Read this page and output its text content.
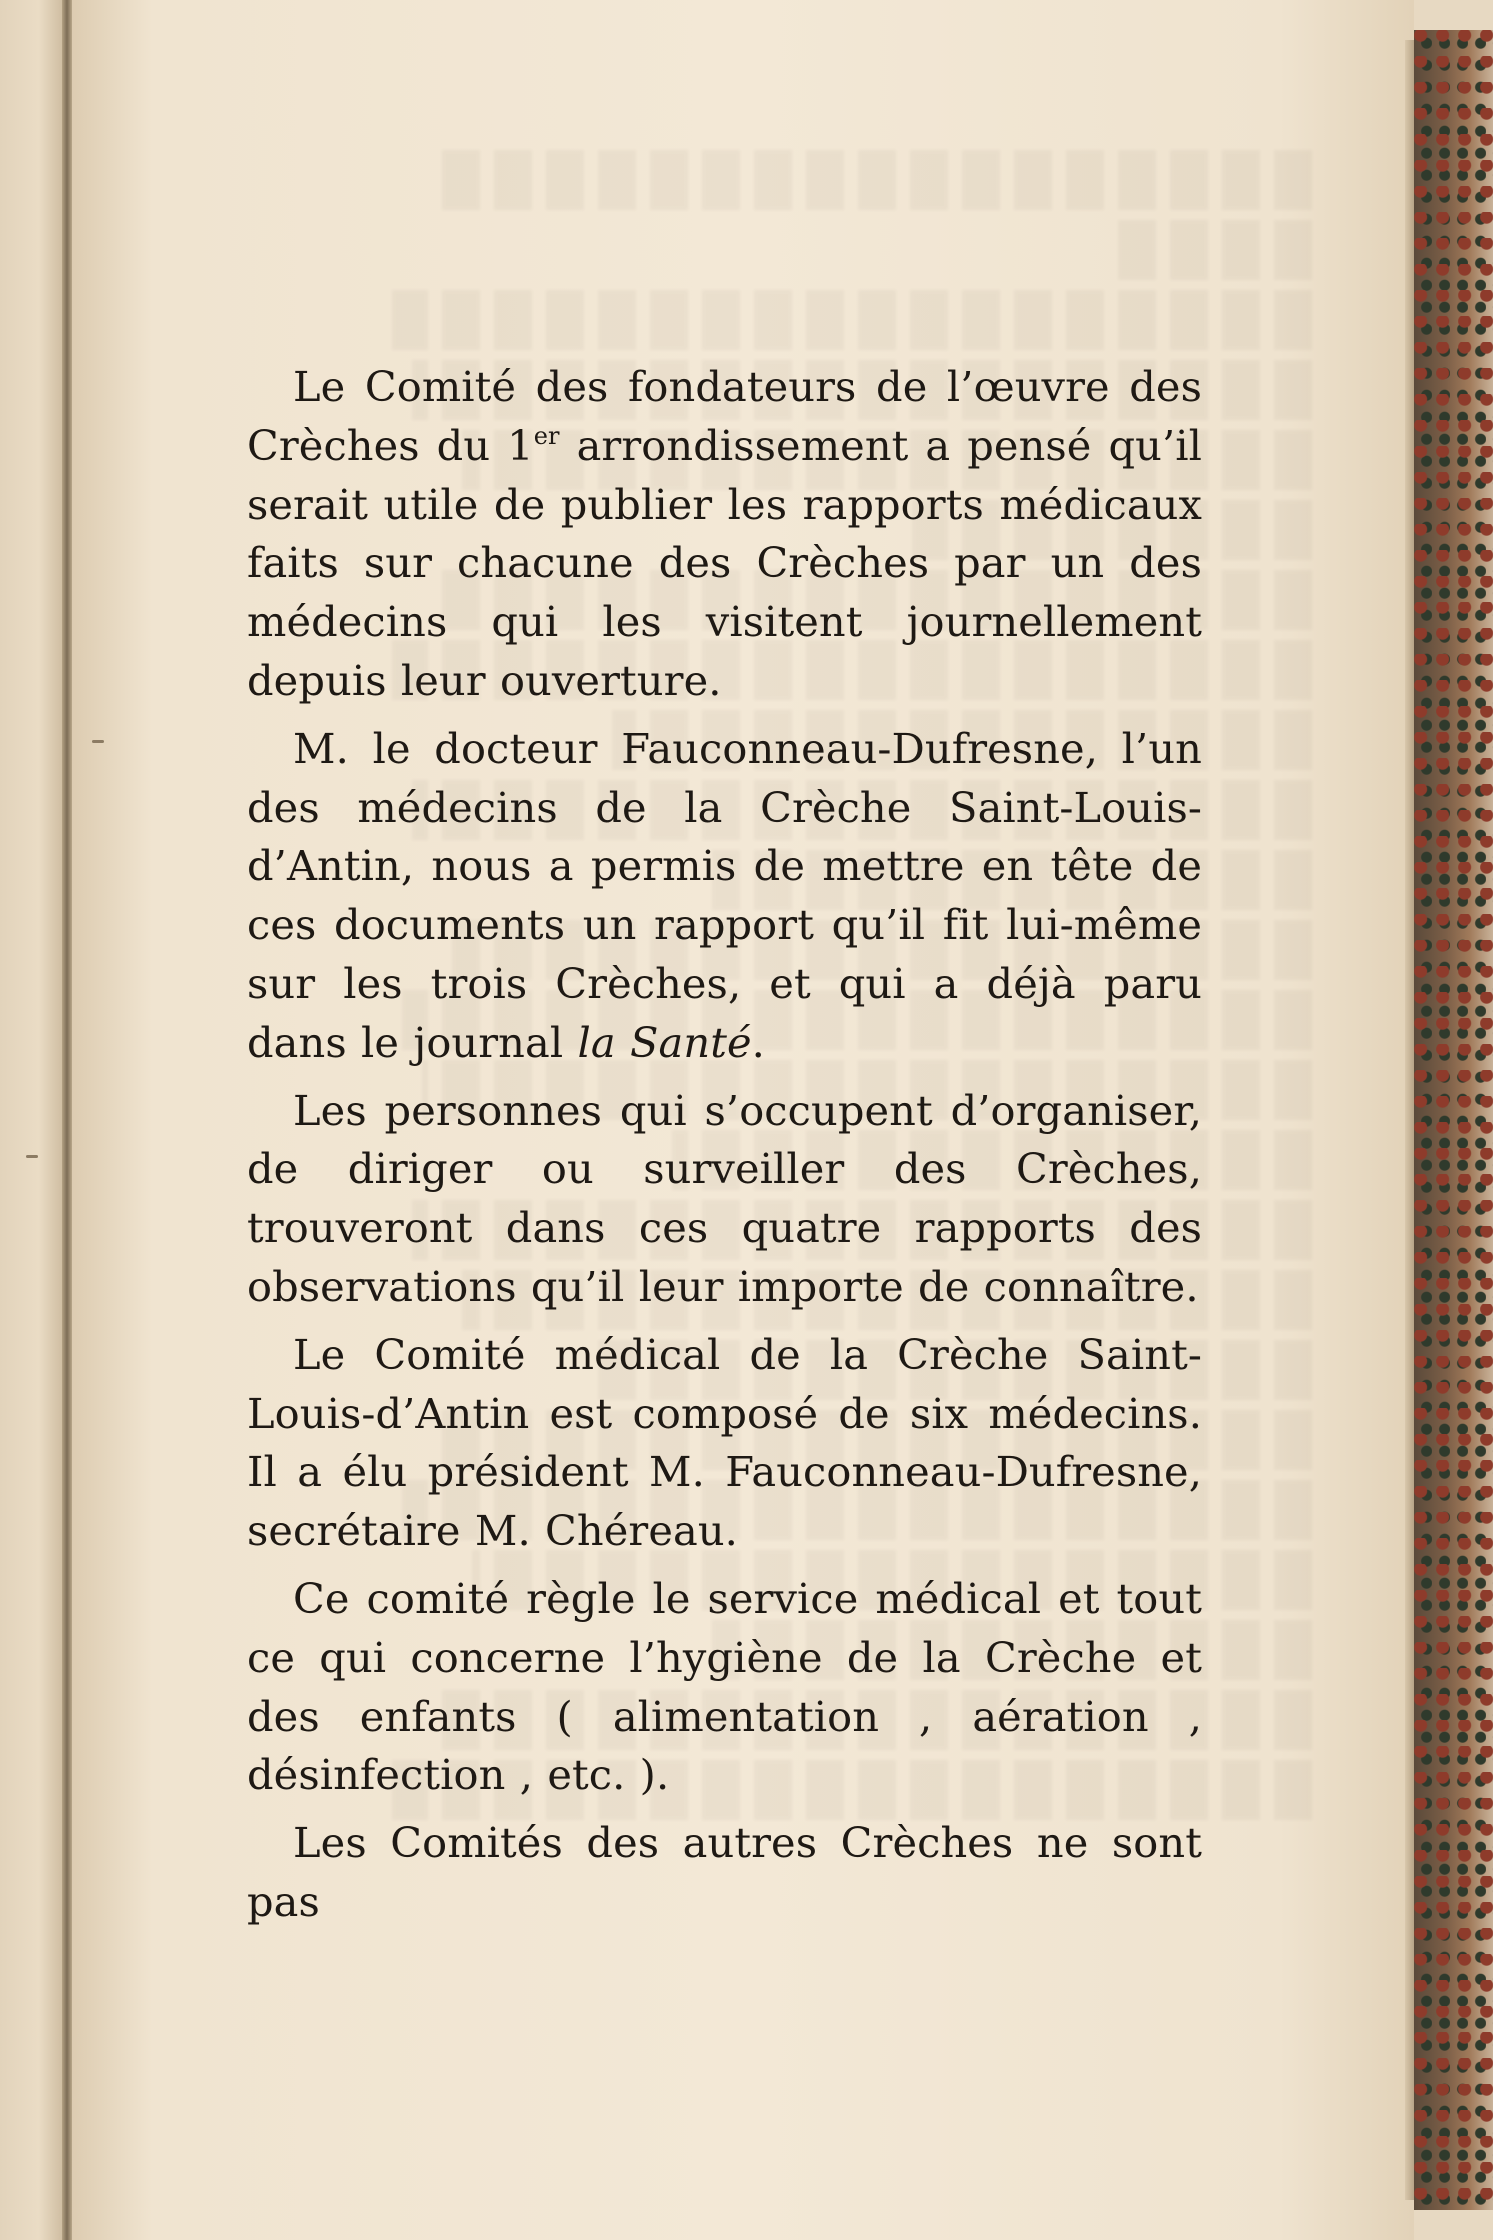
Le Comité des fondateurs de l’œuvre des Crèches du 1er arrondissement a pensé qu’il serait utile de publier les rapports médicaux faits sur chacune des Crèches par un des médecins qui les visitent journellement depuis leur ouverture.

M. le docteur Fauconneau-Dufresne, l’un des médecins de la Crèche Saint-Louis-d’Antin, nous a permis de mettre en tête de ces documents un rapport qu’il fit lui-même sur les trois Crèches, et qui a déjà paru dans le journal la Santé.

Les personnes qui s’occupent d’organiser, de diriger ou surveiller des Crèches, trouveront dans ces quatre rapports des observations qu’il leur importe de connaître.

Le Comité médical de la Crèche Saint-Louis-d’Antin est composé de six médecins. Il a élu président M. Fauconneau-Dufresne, secrétaire M. Chéreau.

Ce comité règle le service médical et tout ce qui concerne l’hygiène de la Crèche et des enfants ( alimentation , aération , désinfection , etc. ).

Les Comités des autres Crèches ne sont pas
